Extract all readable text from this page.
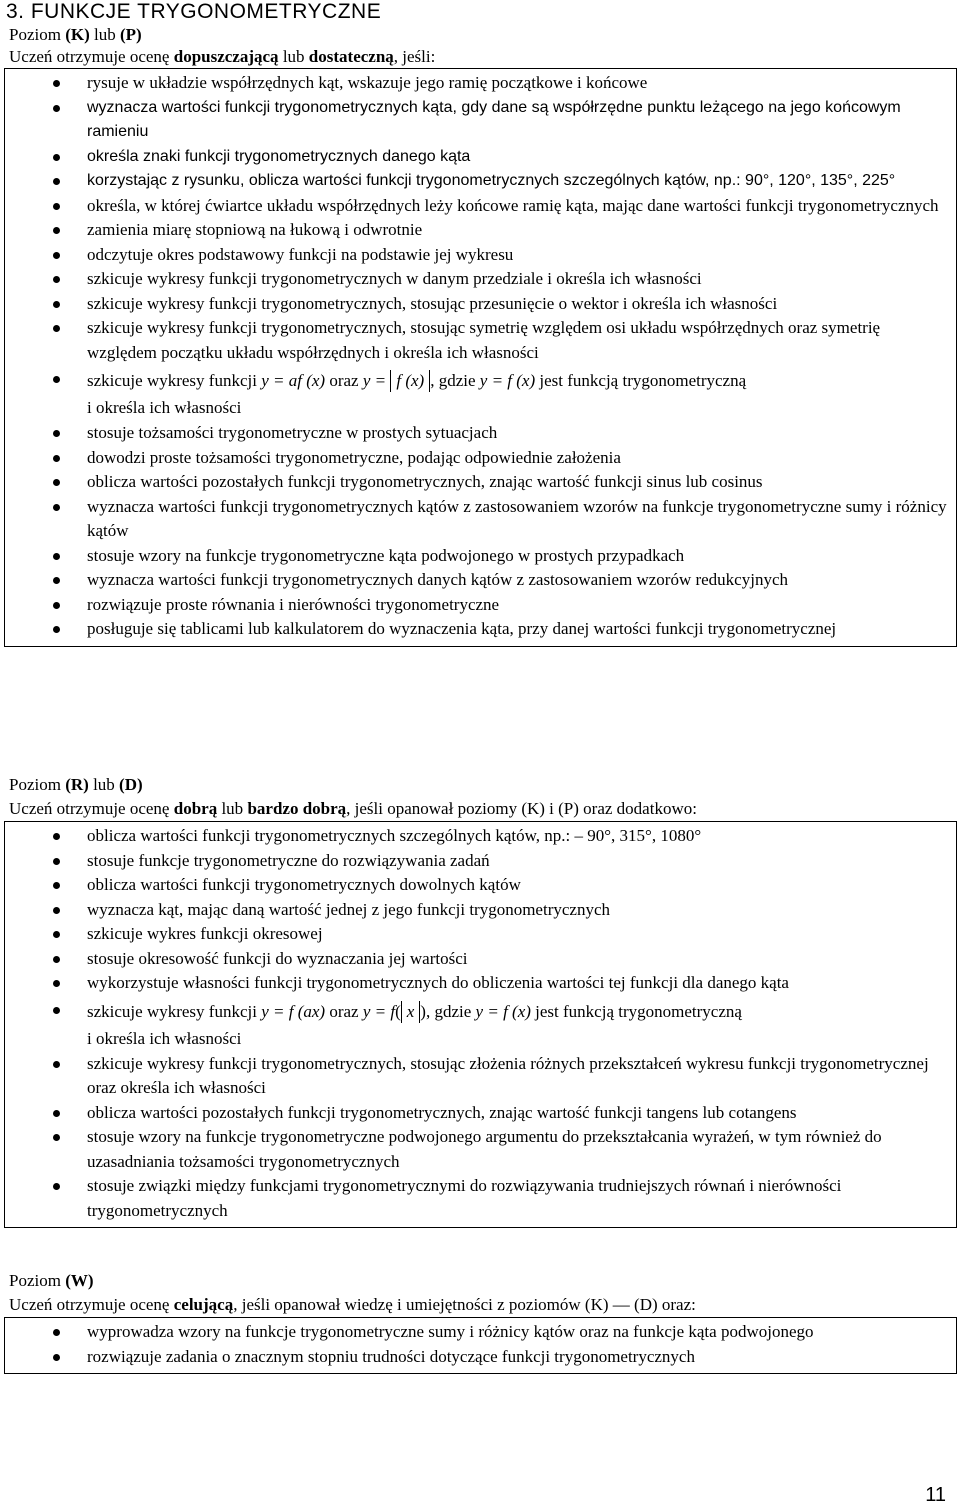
3. FUNKCJE TRYGONOMETRYCZNE
Poziom (K) lub (P)
Uczeń otrzymuje ocenę dopuszczającą lub dostateczną, jeśli:
rysuje w układzie współrzędnych kąt, wskazuje jego ramię początkowe i końcowe
wyznacza wartości funkcji trygonometrycznych kąta, gdy dane są współrzędne punktu leżącego na jego końcowym ramieniu
określa znaki funkcji trygonometrycznych danego kąta
korzystając z rysunku, oblicza wartości funkcji trygonometrycznych szczególnych kątów, np.: 90°, 120°, 135°, 225°
określa, w której ćwiartce układu współrzędnych leży końcowe ramię kąta, mając dane wartości funkcji trygonometrycznych
zamienia miarę stopniową na łukową i odwrotnie
odczytuje okres podstawowy funkcji na podstawie jej wykresu
szkicuje wykresy funkcji trygonometrycznych w danym przedziale i określa ich własności
szkicuje wykresy funkcji trygonometrycznych, stosując przesunięcie o wektor i określa ich własności
szkicuje wykresy funkcji trygonometrycznych, stosując symetrię względem osi układu współrzędnych oraz symetrię względem początku układu współrzędnych i określa ich własności
szkicuje wykresy funkcji y = af (x) oraz y = f (x) , gdzie y = f (x) jest funkcją trygonometryczną
i określa ich własności
stosuje tożsamości trygonometryczne w prostych sytuacjach
dowodzi proste tożsamości trygonometryczne, podając odpowiednie założenia
oblicza wartości pozostałych funkcji trygonometrycznych, znając wartość funkcji sinus lub cosinus
wyznacza wartości funkcji trygonometrycznych kątów z zastosowaniem wzorów na funkcje trygonometryczne sumy i różnicy kątów
stosuje wzory na funkcje trygonometryczne kąta podwojonego w prostych przypadkach
wyznacza wartości funkcji trygonometrycznych danych kątów z zastosowaniem wzorów redukcyjnych
rozwiązuje proste równania i nierówności trygonometryczne
posługuje się tablicami lub kalkulatorem do wyznaczenia kąta, przy danej wartości funkcji trygonometrycznej
Poziom (R) lub (D)
Uczeń otrzymuje ocenę dobrą lub bardzo dobrą, jeśli opanował poziomy (K) i (P) oraz dodatkowo:
oblicza wartości funkcji trygonometrycznych szczególnych kątów, np.: – 90°, 315°, 1080°
stosuje funkcje trygonometryczne do rozwiązywania zadań
oblicza wartości funkcji trygonometrycznych dowolnych kątów
wyznacza kąt, mając daną wartość jednej z jego funkcji trygonometrycznych
szkicuje wykres funkcji okresowej
stosuje okresowość funkcji do wyznaczania jej wartości
wykorzystuje własności funkcji trygonometrycznych do obliczenia wartości tej funkcji dla danego kąta
szkicuje wykresy funkcji y = f (ax) oraz y = f( x ), gdzie y = f (x) jest funkcją trygonometryczną
i określa ich własności
szkicuje wykresy funkcji trygonometrycznych, stosując złożenia różnych przekształceń wykresu funkcji trygonometrycznej oraz określa ich własności
oblicza wartości pozostałych funkcji trygonometrycznych, znając wartość funkcji tangens lub cotangens
stosuje wzory na funkcje trygonometryczne podwojonego argumentu do przekształcania wyrażeń, w tym również do uzasadniania tożsamości trygonometrycznych
stosuje związki między funkcjami trygonometrycznymi do rozwiązywania trudniejszych równań i nierówności trygonometrycznych
Poziom (W)
Uczeń otrzymuje ocenę celującą, jeśli opanował wiedzę i umiejętności z poziomów (K) — (D) oraz:
wyprowadza wzory na funkcje trygonometryczne sumy i różnicy kątów oraz na funkcje kąta podwojonego
rozwiązuje zadania o znacznym stopniu trudności dotyczące funkcji trygonometrycznych
11
